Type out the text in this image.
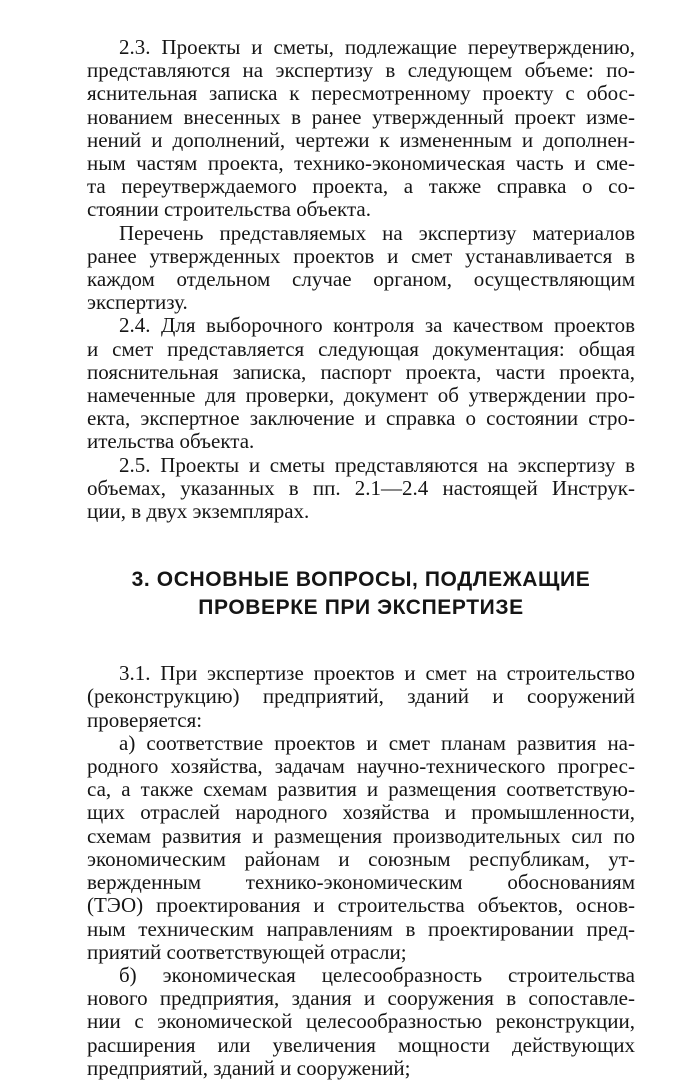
2.3. Проекты и сметы, подлежащие переутверждению,
представляются на экспертизу в следующем объеме: по-
яснительная записка к пересмотренному проекту с обос-
нованием внесенных в ранее утвержденный проект изме-
нений и дополнений, чертежи к измененным и дополнен-
ным частям проекта, технико-экономическая часть и сме-
та переутверждаемого проекта, а также справка о со-
стоянии строительства объекта.
Перечень представляемых на экспертизу материалов
ранее утвержденных проектов и смет устанавливается в
каждом отдельном случае органом, осуществляющим
экспертизу.
2.4. Для выборочного контроля за качеством проектов
и смет представляется следующая документация: общая
пояснительная записка, паспорт проекта, части проекта,
намеченные для проверки, документ об утверждении про-
екта, экспертное заключение и справка о состоянии стро-
ительства объекта.
2.5. Проекты и сметы представляются на экспертизу в
объемах, указанных в пп. 2.1—2.4 настоящей Инструк-
ции, в двух экземплярах.
3. ОСНОВНЫЕ ВОПРОСЫ, ПОДЛЕЖАЩИЕ
ПРОВЕРКЕ ПРИ ЭКСПЕРТИЗЕ
3.1. При экспертизе проектов и смет на строительство
(реконструкцию) предприятий, зданий и сооружений
проверяется:
а) соответствие проектов и смет планам развития на-
родного хозяйства, задачам научно-технического прогрес-
са, а также схемам развития и размещения соответствую-
щих отраслей народного хозяйства и промышленности,
схемам развития и размещения производительных сил по
экономическим районам и союзным республикам, ут-
вержденным технико-экономическим обоснованиям
(ТЭО) проектирования и строительства объектов, основ-
ным техническим направлениям в проектировании пред-
приятий соответствующей отрасли;
б) экономическая целесообразность строительства
нового предприятия, здания и сооружения в сопоставле-
нии с экономической целесообразностью реконструкции,
расширения или увеличения мощности действующих
предприятий, зданий и сооружений;
